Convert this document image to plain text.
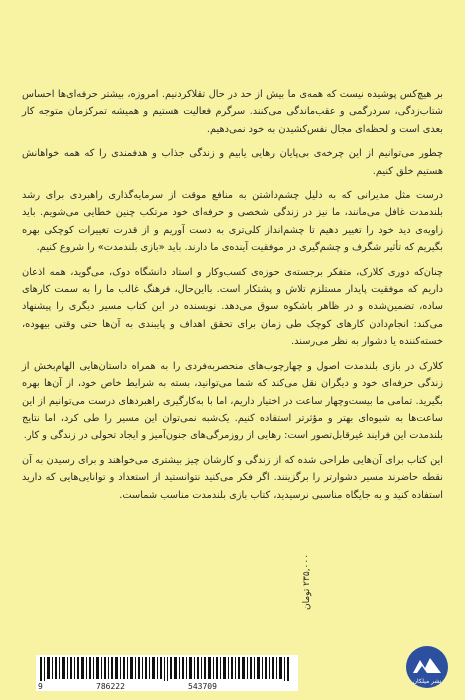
بر هیچ‌کس پوشیده نیست که همه‌ی ما بیش از حد در حال تقلاکردنیم. امروزه، بیشتر حرفه‌ای‌ها احساس شتاب‌زدگی، سردرگمی و عقب‌ماندگی می‌کنند. سرگرم فعالیت هستیم و همیشه تمرکزمان متوجه کار بعدی است و لحظه‌ای مجال نفس‌کشیدن به خود نمی‌دهیم.

چطور می‌توانیم از این چرخه‌ی بی‌پایان رهایی یابیم و زندگی جذاب و هدفمندی را که همه خواهانش هستیم خلق کنیم.

درست مثل مدیرانی که به دلیل چشم‌داشتن به منافع موقت از سرمایه‌گذاری راهبردی برای رشد بلندمدت غافل می‌مانند، ما نیز در زندگی شخصی و حرفه‌ای خود مرتکب چنین خطایی می‌شویم. باید زاویه‌ی دید خود را تغییر دهیم تا چشم‌انداز کلی‌تری به دست آوریم و از قدرت تغییرات کوچکی بهره بگیریم که تأثیر شگرف و چشم‌گیری در موفقیت آینده‌ی ما دارند. باید «بازی بلندمدت» را شروع کنیم.

چنان‌که دوری کلارک، متفکر برجسته‌ی حوزه‌ی کسب‌وکار و استاد دانشگاه دوک، می‌گوید، همه اذعان داریم که موفقیت پایدار مستلزم تلاش و پشتکار است. بااین‌حال، فرهنگ غالب ما را به سمت کارهای ساده، تضمین‌شده و در ظاهر باشکوه سوق می‌دهد. نویسنده در این کتاب مسیر دیگری را پیشنهاد می‌کند: انجام‌دادن کارهای کوچک طی زمان برای تحقق اهداف و پایبندی به آن‌ها حتی وقتی بیهوده، خسته‌کننده یا دشوار به نظر می‌رسند.

کلارک در بازی بلندمدت اصول و چهارچوب‌های منحصربه‌فردی را به همراه داستان‌هایی الهام‌بخش از زندگی حرفه‌ای خود و دیگران نقل می‌کند که شما می‌توانید، بسته به شرایط خاص خود، از آن‌ها بهره بگیرید. تمامی ما بیست‌وچهار ساعت در اختیار داریم، اما با به‌کارگیری راهبردهای درست می‌توانیم از این ساعت‌ها به شیوه‌ای بهتر و مؤثرتر استفاده کنیم. یک‌شبه نمی‌توان این مسیر را طی کرد، اما نتایج بلندمدت این فرایند غیرقابل‌تصور است: رهایی از روزمرگی‌های جنون‌آمیز و ایجاد تحولی در زندگی و کار.

این کتاب برای آن‌هایی طراحی شده که از زندگی و کارشان چیز بیشتری می‌خواهند و برای رسیدن به آن نقطه حاضرند مسیر دشوارتر را برگزینند. اگر فکر می‌کنید نتوانستید از استعداد و توانایی‌هایی که دارید استفاده کنید و به جایگاه مناسبی نرسیدید، کتاب بازی بلندمدت مناسب شماست.

۲۳۵,۰۰۰ تومان
9	786222	543709	نشر میلکان
